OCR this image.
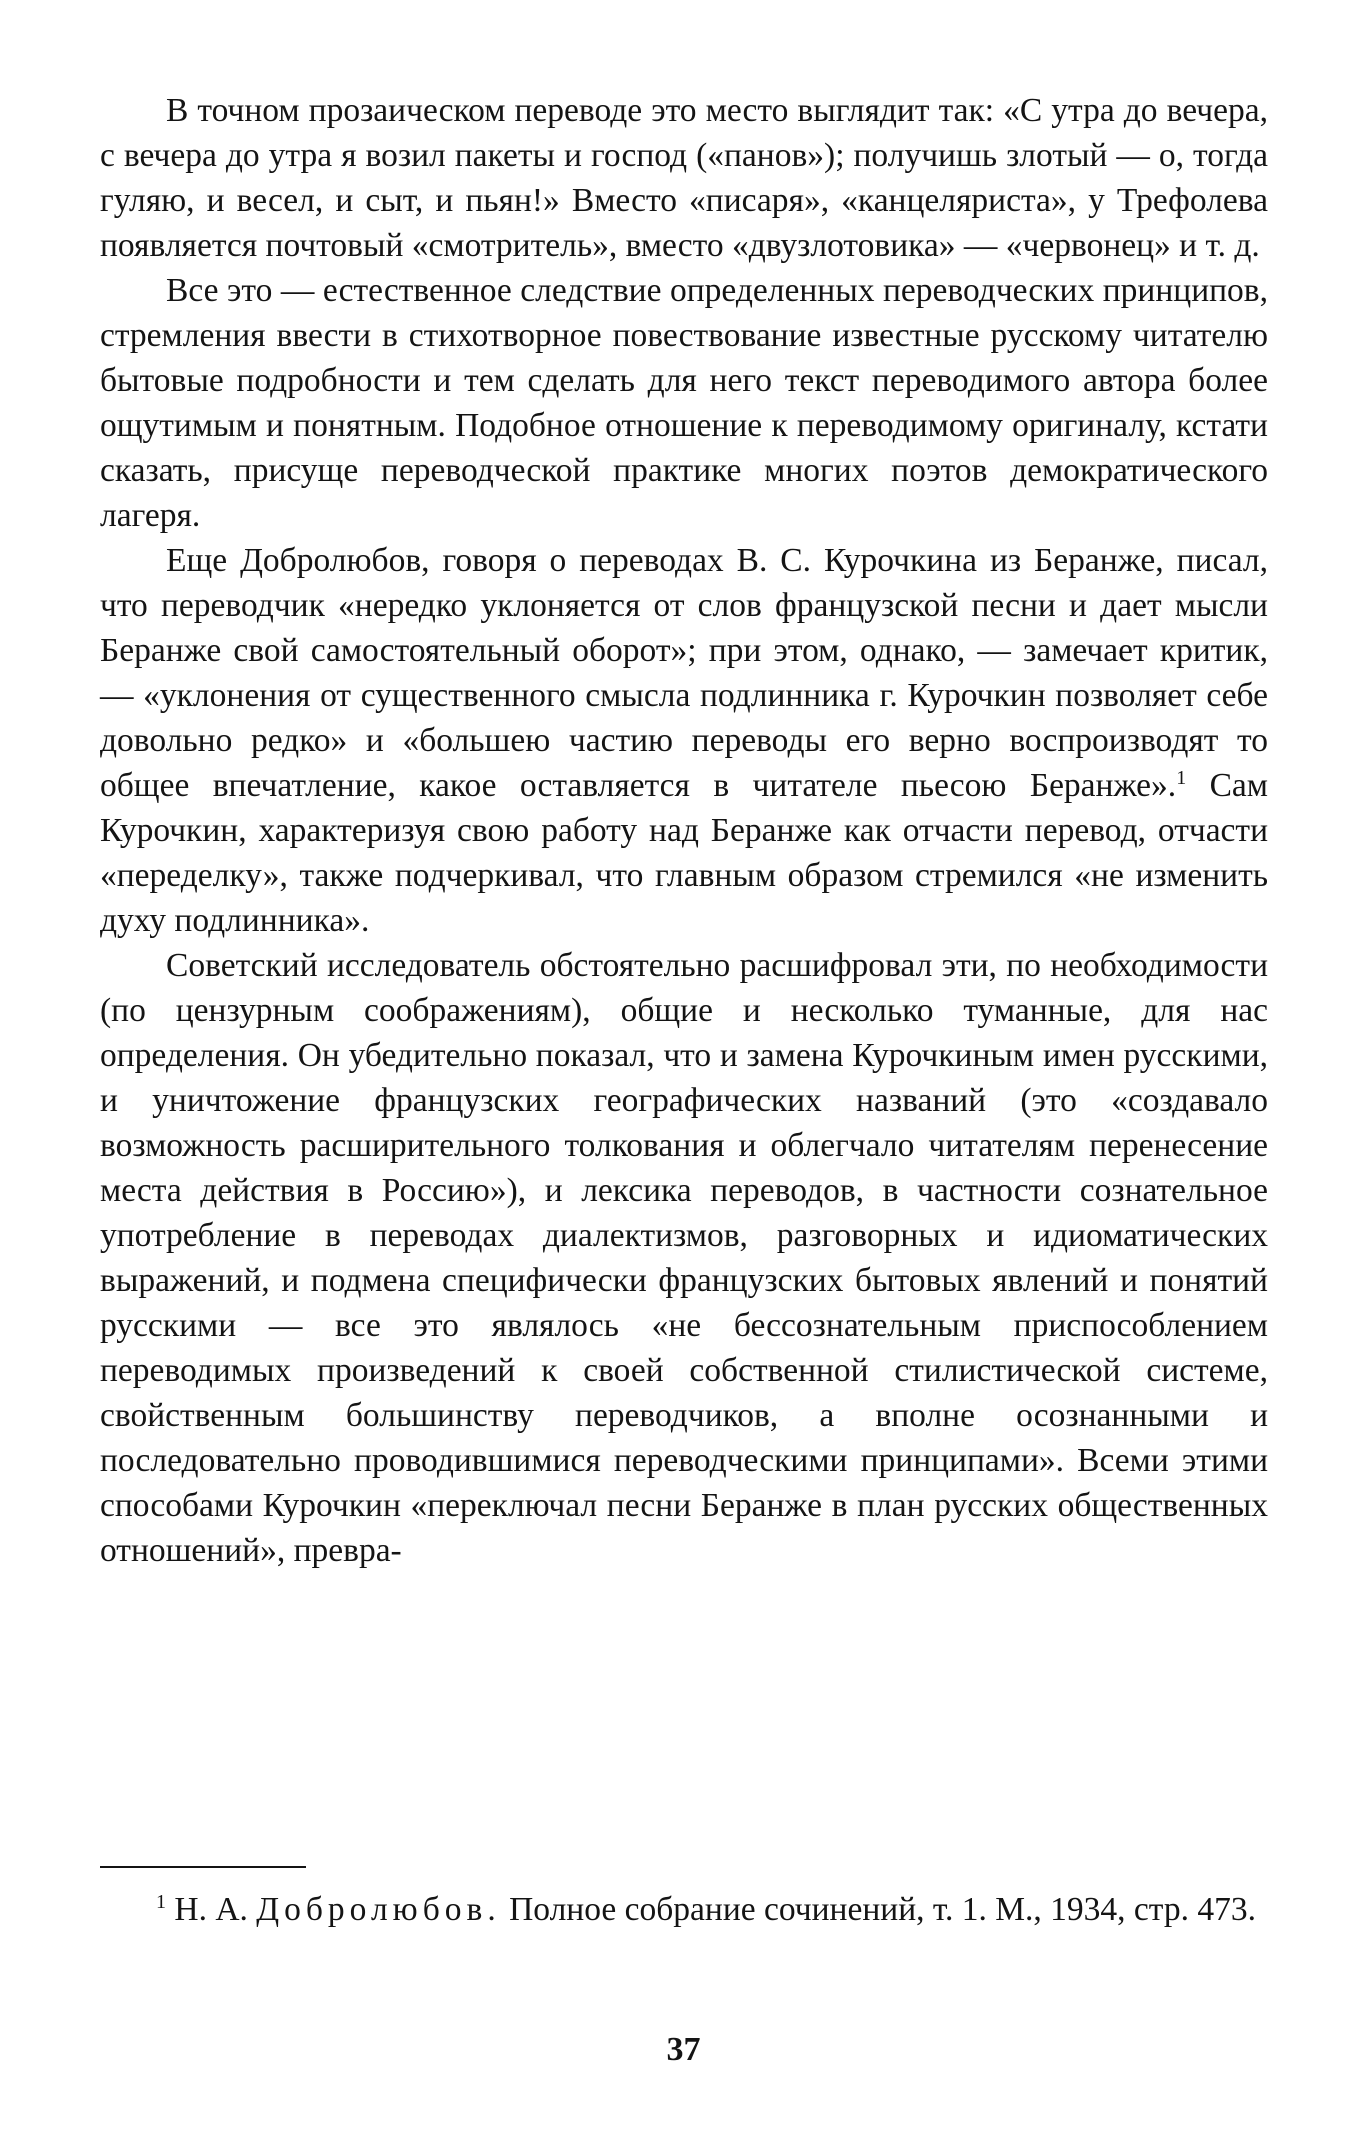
В точном прозаическом переводе это место выглядит так: «С утра до вечера, с вечера до утра я возил пакеты и господ («панов»); получишь злотый — о, тогда гуляю, и весел, и сыт, и пьян!» Вместо «писаря», «канцеляриста», у Трефолева появляется почтовый «смотритель», вместо «двузлотовика» — «червонец» и т. д.

Все это — естественное следствие определенных переводческих принципов, стремления ввести в стихотворное повествование известные русскому читателю бытовые подробности и тем сделать для него текст переводимого автора более ощутимым и понятным. Подобное отношение к переводимому оригиналу, кстати сказать, присуще переводческой практике многих поэтов демократического лагеря.

Еще Добролюбов, говоря о переводах В. С. Курочкина из Беранже, писал, что переводчик «нередко уклоняется от слов французской песни и дает мысли Беранже свой самостоятельный оборот»; при этом, однако, — замечает критик, — «уклонения от существенного смысла подлинника г. Курочкин позволяет себе довольно редко» и «большею частию переводы его верно воспроизводят то общее впечатление, какое оставляется в читателе пьесою Беранже».$^1$ Сам Курочкин, характеризуя свою работу над Беранже как отчасти перевод, отчасти «переделку», также подчеркивал, что главным образом стремился «не изменить духу подлинника».

Советский исследователь обстоятельно расшифровал эти, по необходимости (по цензурным соображениям), общие и несколько туманные, для нас определения. Он убедительно показал, что и замена Курочкиным имен русскими, и уничтожение французских географических названий (это «создавало возможность расширительного толкования и облегчало читателям перенесение места действия в Россию»), и лексика переводов, в частности сознательное употребление в переводах диалектизмов, разговорных и идиоматических выражений, и подмена специфически французских бытовых явлений и понятий русскими — все это являлось «не бессознательным приспособлением переводимых произведений к своей собственной стилистической системе, свойственным большинству переводчиков, а вполне осознанными и последовательно проводившимися переводческими принципами». Всеми этими способами Курочкин «переключал песни Беранже в план русских общественных отношений», превра-

$^1$ Н. А. Добролюбов. Полное собрание сочинений, т. 1. М., 1934, стр. 473.

37
